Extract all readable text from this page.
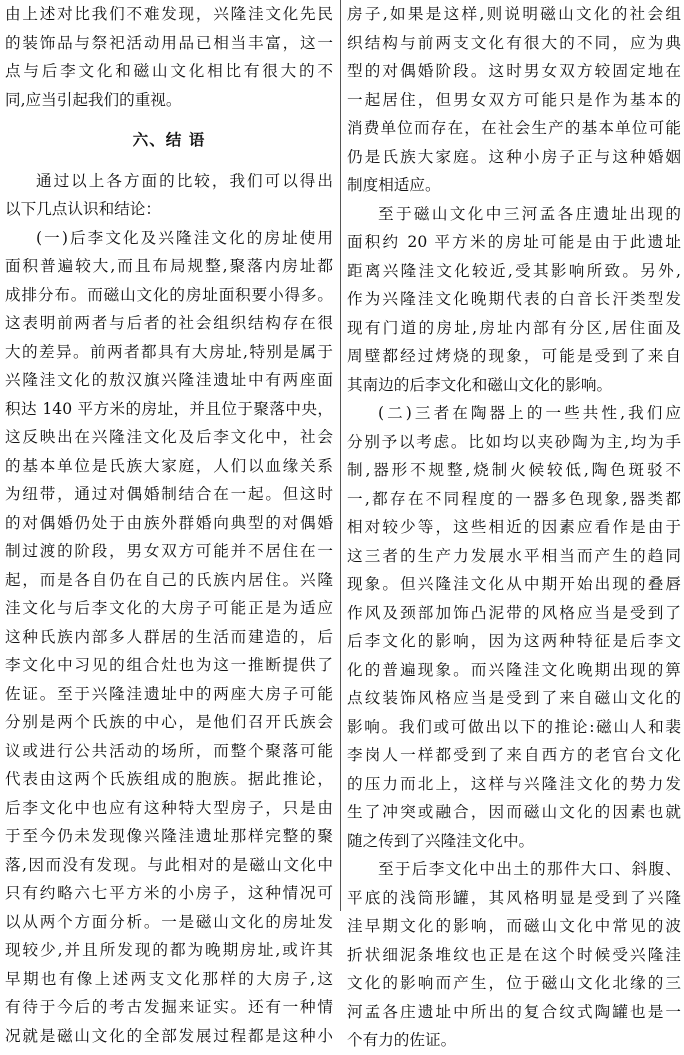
由上述对比我们不难发现，兴隆洼文化先民
的装饰品与祭祀活动用品已相当丰富，这一
点与后李文化和磁山文化相比有很大的不
同,应当引起我们的重视。
六、结 语
通过以上各方面的比较，我们可以得出
以下几点认识和结论：
(一)后李文化及兴隆洼文化的房址使用
面积普遍较大,而且布局规整,聚落内房址都
成排分布。而磁山文化的房址面积要小得多。
这表明前两者与后者的社会组织结构存在很
大的差异。前两者都具有大房址,特别是属于
兴隆洼文化的敖汉旗兴隆洼遗址中有两座面
积达 140 平方米的房址，并且位于聚落中央，
这反映出在兴隆洼文化及后李文化中，社会
的基本单位是氏族大家庭，人们以血缘关系
为纽带，通过对偶婚制结合在一起。但这时
的对偶婚仍处于由族外群婚向典型的对偶婚
制过渡的阶段，男女双方可能并不居住在一
起，而是各自仍在自己的氏族内居住。兴隆
洼文化与后李文化的大房子可能正是为适应
这种氏族内部多人群居的生活而建造的，后
李文化中习见的组合灶也为这一推断提供了
佐证。至于兴隆洼遗址中的两座大房子可能
分别是两个氏族的中心，是他们召开氏族会
议或进行公共活动的场所，而整个聚落可能
代表由这两个氏族组成的胞族。据此推论，
后李文化中也应有这种特大型房子，只是由
于至今仍未发现像兴隆洼遗址那样完整的聚
落,因而没有发现。与此相对的是磁山文化中
只有约略六七平方米的小房子，这种情况可
以从两个方面分析。一是磁山文化的房址发
现较少,并且所发现的都为晚期房址,或许其
早期也有像上述两支文化那样的大房子,这
有待于今后的考古发掘来证实。还有一种情
况就是磁山文化的全部发展过程都是这种小
房子,如果是这样,则说明磁山文化的社会组
织结构与前两支文化有很大的不同，应为典
型的对偶婚阶段。这时男女双方较固定地在
一起居住，但男女双方可能只是作为基本的
消费单位而存在，在社会生产的基本单位可能
仍是氏族大家庭。这种小房子正与这种婚姻
制度相适应。
至于磁山文化中三河孟各庄遗址出现的
面积约 20 平方米的房址可能是由于此遗址
距离兴隆洼文化较近,受其影响所致。另外,
作为兴隆洼文化晚期代表的白音长汗类型发
现有门道的房址,房址内部有分区,居住面及
周壁都经过烤烧的现象，可能是受到了来自
其南边的后李文化和磁山文化的影响。
(二)三者在陶器上的一些共性,我们应
分别予以考虑。比如均以夹砂陶为主,均为手
制,器形不规整,烧制火候较低,陶色斑驳不
一,都存在不同程度的一器多色现象,器类都
相对较少等，这些相近的因素应看作是由于
这三者的生产力发展水平相当而产生的趋同
现象。但兴隆洼文化从中期开始出现的叠唇
作风及颈部加饰凸泥带的风格应当是受到了
后李文化的影响，因为这两种特征是后李文
化的普遍现象。而兴隆洼文化晚期出现的箅
点纹装饰风格应当是受到了来自磁山文化的
影响。我们或可做出以下的推论:磁山人和裴
李岗人一样都受到了来自西方的老官台文化
的压力而北上，这样与兴隆洼文化的势力发
生了冲突或融合，因而磁山文化的因素也就
随之传到了兴隆洼文化中。
至于后李文化中出土的那件大口、斜腹、
平底的浅筒形罐，其风格明显是受到了兴隆
洼早期文化的影响，而磁山文化中常见的波
折状细泥条堆纹也正是在这个时候受兴隆洼
文化的影响而产生，位于磁山文化北缘的三
河孟各庄遗址中所出的复合纹式陶罐也是一
个有力的佐证。
